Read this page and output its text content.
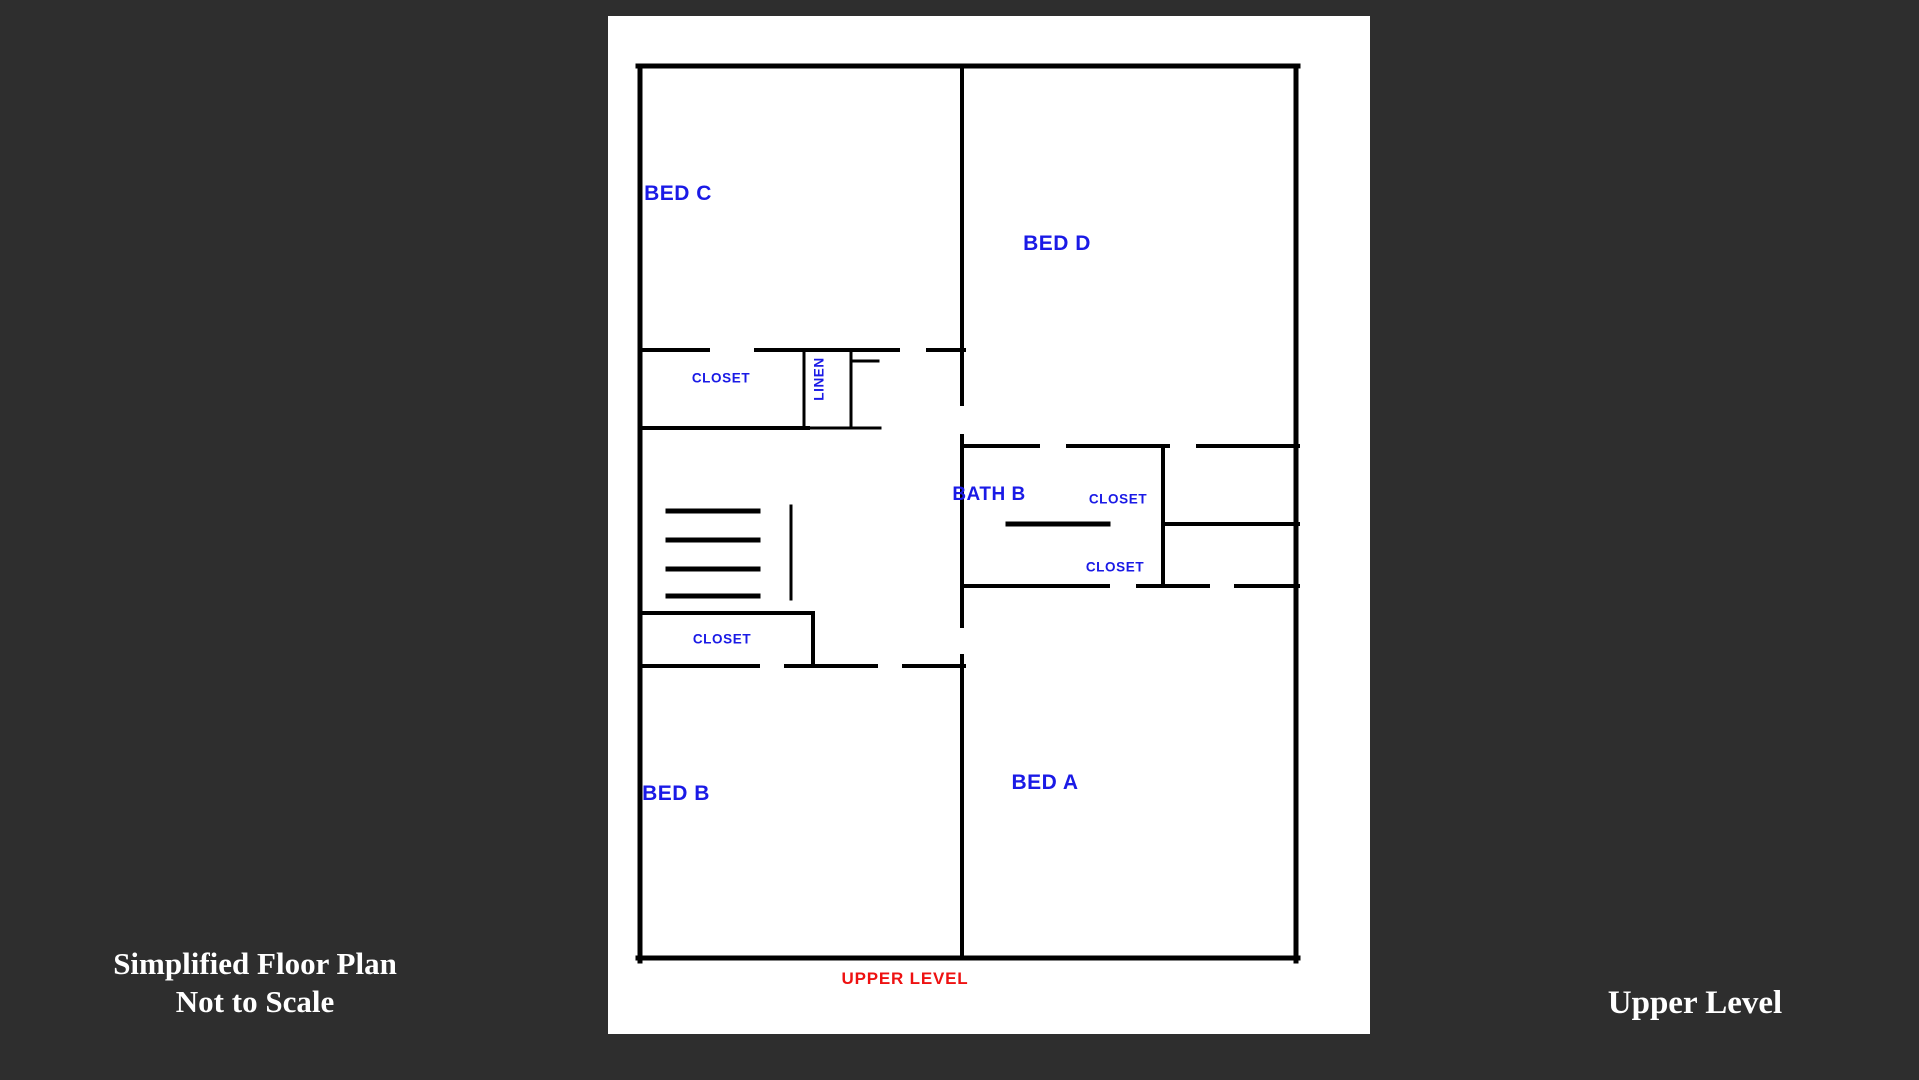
BED C
BED D
BED B	BED A
BATH B
CLOSET
CLOSET
CLOSET
CLOSET
LINEN
UPPER LEVEL
Simplified Floor Plan
Not to Scale	Upper Level
